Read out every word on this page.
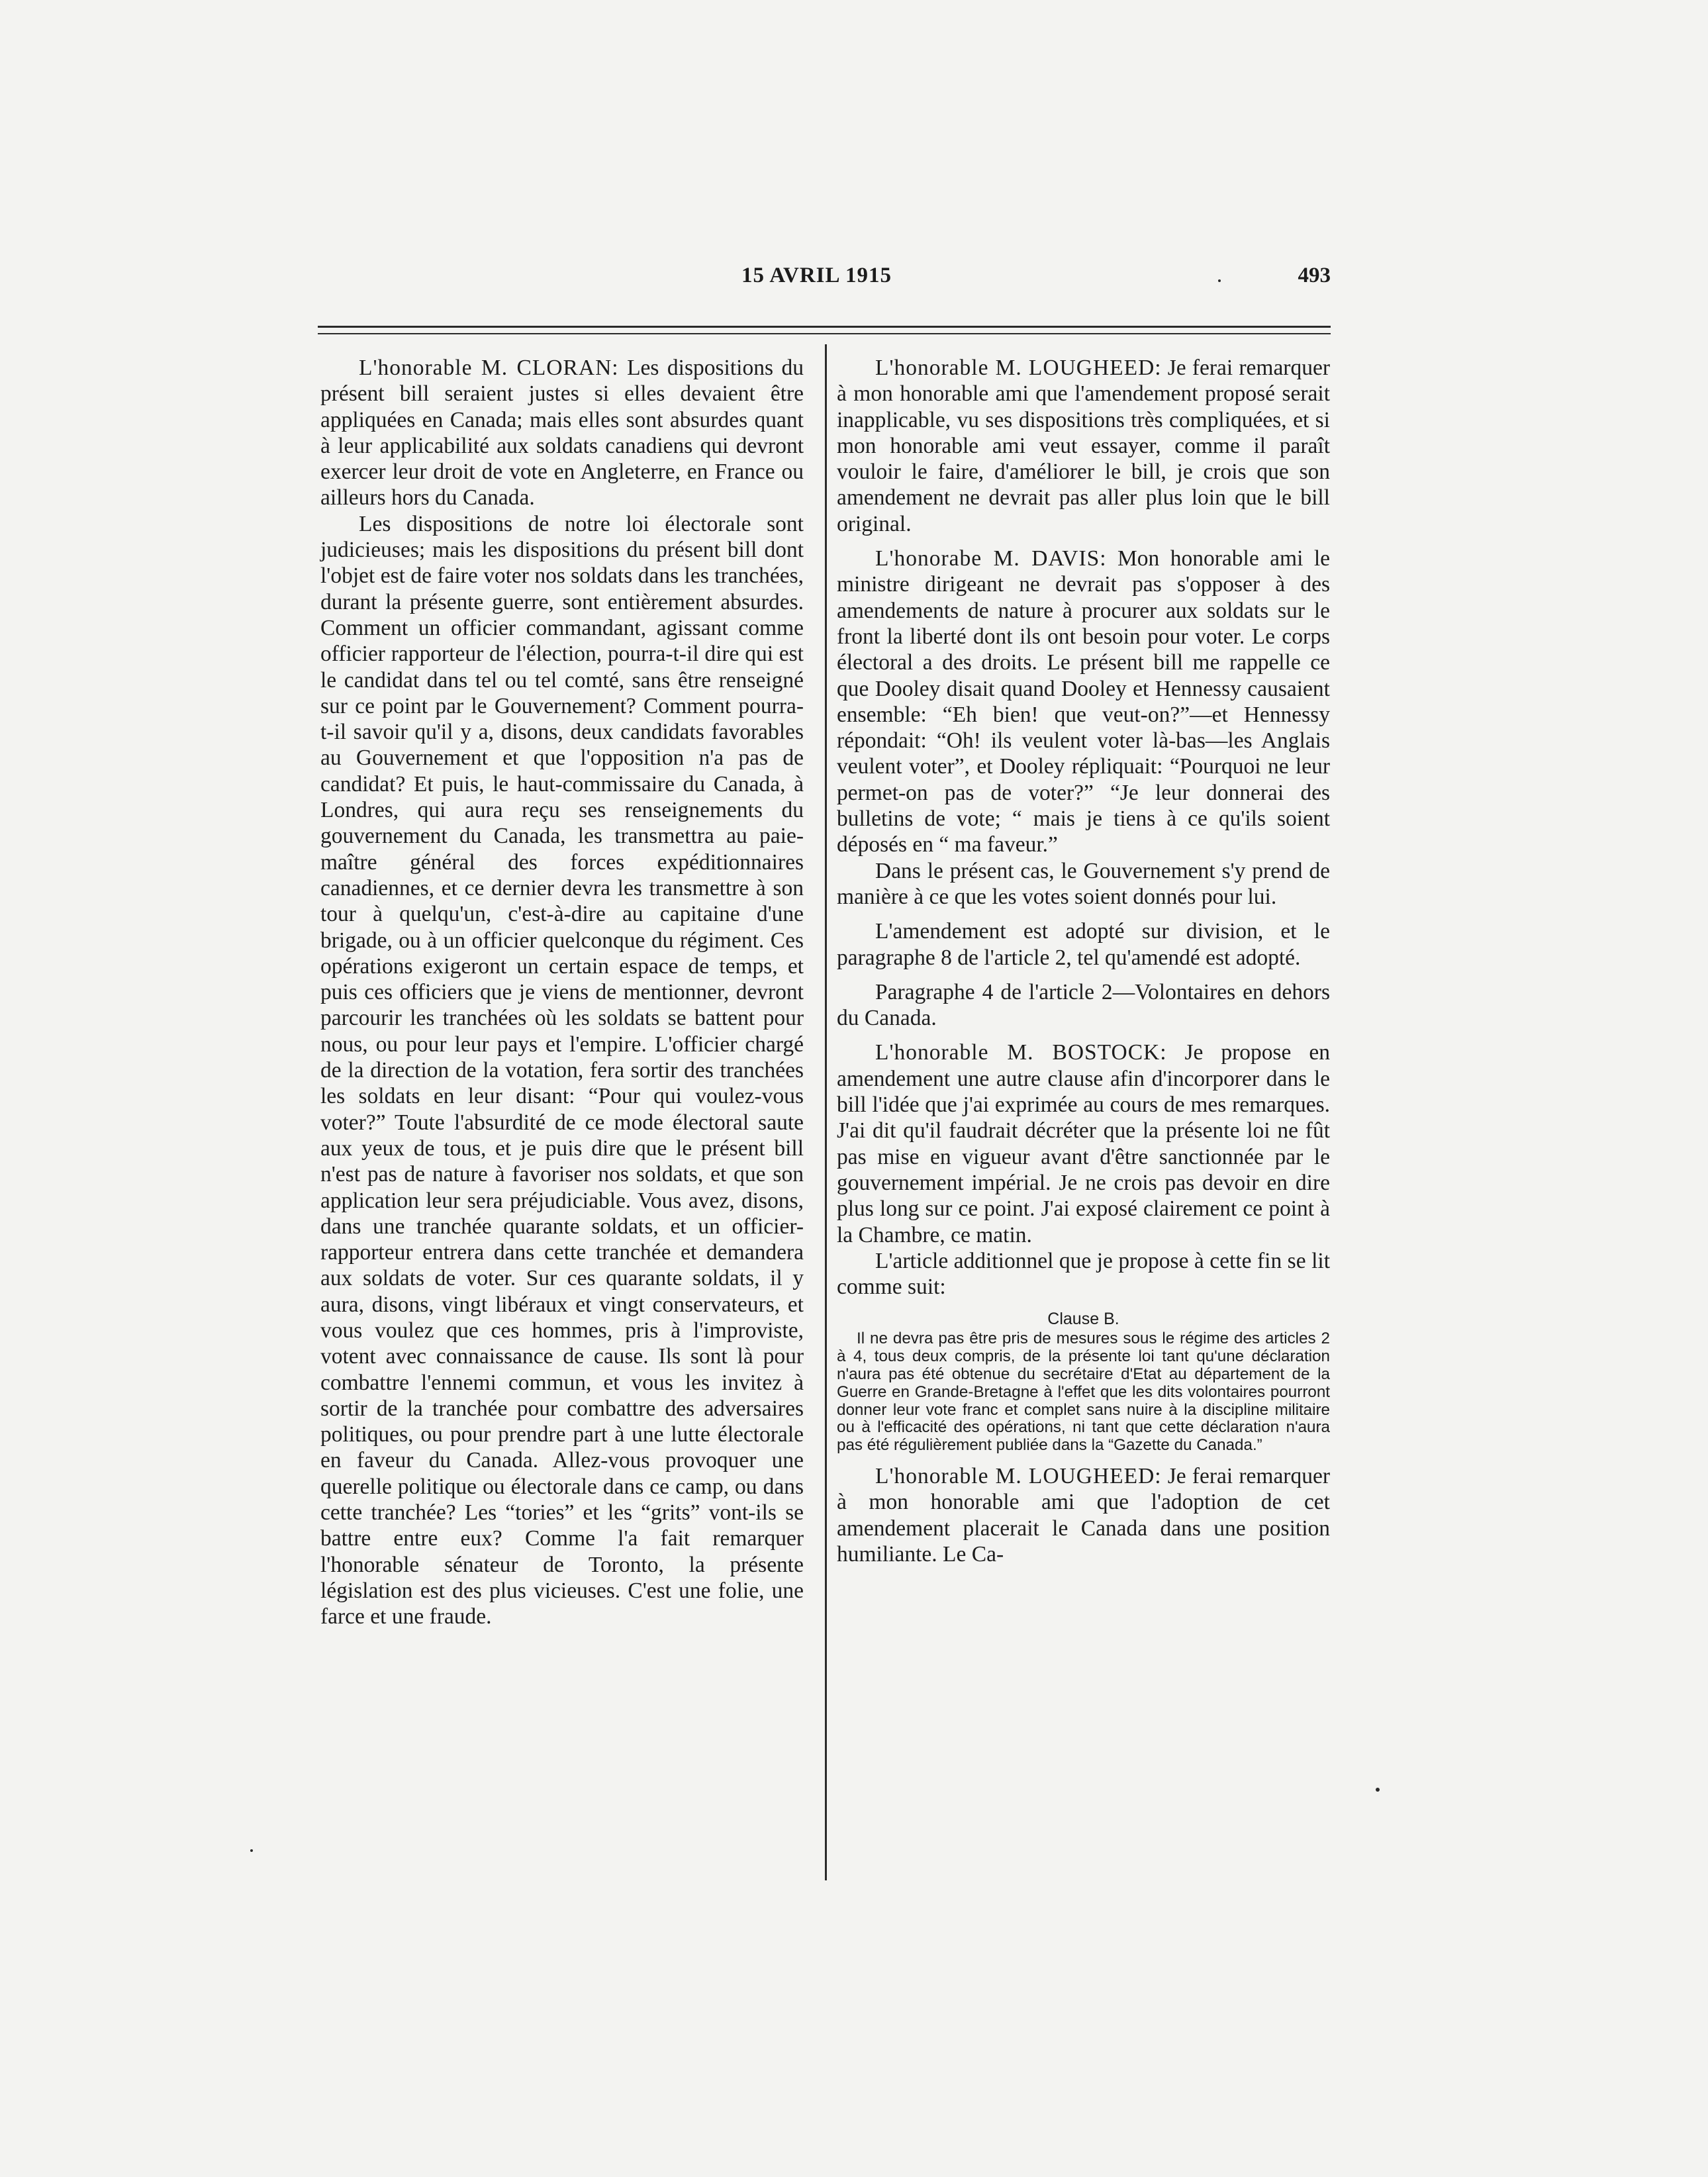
15 AVRIL 1915	493

L'honorable M. CLORAN: Les dispositions du présent bill seraient justes si elles devaient être appliquées en Canada; mais elles sont absurdes quant à leur applicabilité aux soldats canadiens qui devront exercer leur droit de vote en Angleterre, en France ou ailleurs hors du Canada.

Les dispositions de notre loi électorale sont judicieuses; mais les dispositions du présent bill dont l'objet est de faire voter nos soldats dans les tranchées, durant la présente guerre, sont entièrement absurdes. Comment un officier commandant, agissant comme officier rapporteur de l'élection, pourra-t-il dire qui est le candidat dans tel ou tel comté, sans être renseigné sur ce point par le Gouvernement? Comment pourra-t-il savoir qu'il y a, disons, deux candidats favorables au Gouvernement et que l'opposition n'a pas de candidat? Et puis, le haut-commissaire du Canada, à Londres, qui aura reçu ses renseignements du gouvernement du Canada, les transmettra au paie-maître général des forces expéditionnaires canadiennes, et ce dernier devra les transmettre à son tour à quelqu'un, c'est-à-dire au capitaine d'une brigade, ou à un officier quelconque du régiment. Ces opérations exigeront un certain espace de temps, et puis ces officiers que je viens de mentionner, devront parcourir les tranchées où les soldats se battent pour nous, ou pour leur pays et l'empire. L'officier chargé de la direction de la votation, fera sortir des tranchées les soldats en leur disant: “Pour qui voulez-vous voter?” Toute l'absurdité de ce mode électoral saute aux yeux de tous, et je puis dire que le présent bill n'est pas de nature à favoriser nos soldats, et que son application leur sera préjudiciable. Vous avez, disons, dans une tranchée quarante soldats, et un officier-rapporteur entrera dans cette tranchée et demandera aux soldats de voter. Sur ces quarante soldats, il y aura, disons, vingt libéraux et vingt conservateurs, et vous voulez que ces hommes, pris à l'improviste, votent avec connaissance de cause. Ils sont là pour combattre l'ennemi commun, et vous les invitez à sortir de la tranchée pour combattre des adversaires politiques, ou pour prendre part à une lutte électorale en faveur du Canada. Allez-vous provoquer une querelle politique ou électorale dans ce camp, ou dans cette tranchée? Les “tories” et les “grits” vont-ils se battre entre eux? Comme l'a fait remarquer l'honorable sénateur de Toronto, la présente législation est des plus vicieuses. C'est une folie, une farce et une fraude.

L'honorable M. LOUGHEED: Je ferai remarquer à mon honorable ami que l'amendement proposé serait inapplicable, vu ses dispositions très compliquées, et si mon honorable ami veut essayer, comme il paraît vouloir le faire, d'améliorer le bill, je crois que son amendement ne devrait pas aller plus loin que le bill original.

L'honorabe M. DAVIS: Mon honorable ami le ministre dirigeant ne devrait pas s'opposer à des amendements de nature à procurer aux soldats sur le front la liberté dont ils ont besoin pour voter. Le corps électoral a des droits. Le présent bill me rappelle ce que Dooley disait quand Dooley et Hennessy causaient ensemble: “Eh bien! que veut-on?”—et Hennessy répondait: “Oh! ils veulent voter là-bas—les Anglais veulent voter”, et Dooley répliquait: “Pourquoi ne leur permet-on pas de voter?” “Je leur donnerai des bulletins de vote; “ mais je tiens à ce qu'ils soient déposés en “ ma faveur.”

Dans le présent cas, le Gouvernement s'y prend de manière à ce que les votes soient donnés pour lui.

L'amendement est adopté sur division, et le paragraphe 8 de l'article 2, tel qu'amendé est adopté.

Paragraphe 4 de l'article 2—Volontaires en dehors du Canada.

L'honorable M. BOSTOCK: Je propose en amendement une autre clause afin d'incorporer dans le bill l'idée que j'ai exprimée au cours de mes remarques. J'ai dit qu'il faudrait décréter que la présente loi ne fût pas mise en vigueur avant d'être sanctionnée par le gouvernement impérial. Je ne crois pas devoir en dire plus long sur ce point. J'ai exposé clairement ce point à la Chambre, ce matin.

L'article additionnel que je propose à cette fin se lit comme suit:

Clause B.
Il ne devra pas être pris de mesures sous le régime des articles 2 à 4, tous deux compris, de la présente loi tant qu'une déclaration n'aura pas été obtenue du secrétaire d'Etat au département de la Guerre en Grande-Bretagne à l'effet que les dits volontaires pourront donner leur vote franc et complet sans nuire à la discipline militaire ou à l'efficacité des opérations, ni tant que cette déclaration n'aura pas été régulièrement publiée dans la “Gazette du Canada.”

L'honorable M. LOUGHEED: Je ferai remarquer à mon honorable ami que l'adoption de cet amendement placerait le Canada dans une position humiliante. Le Ca-
